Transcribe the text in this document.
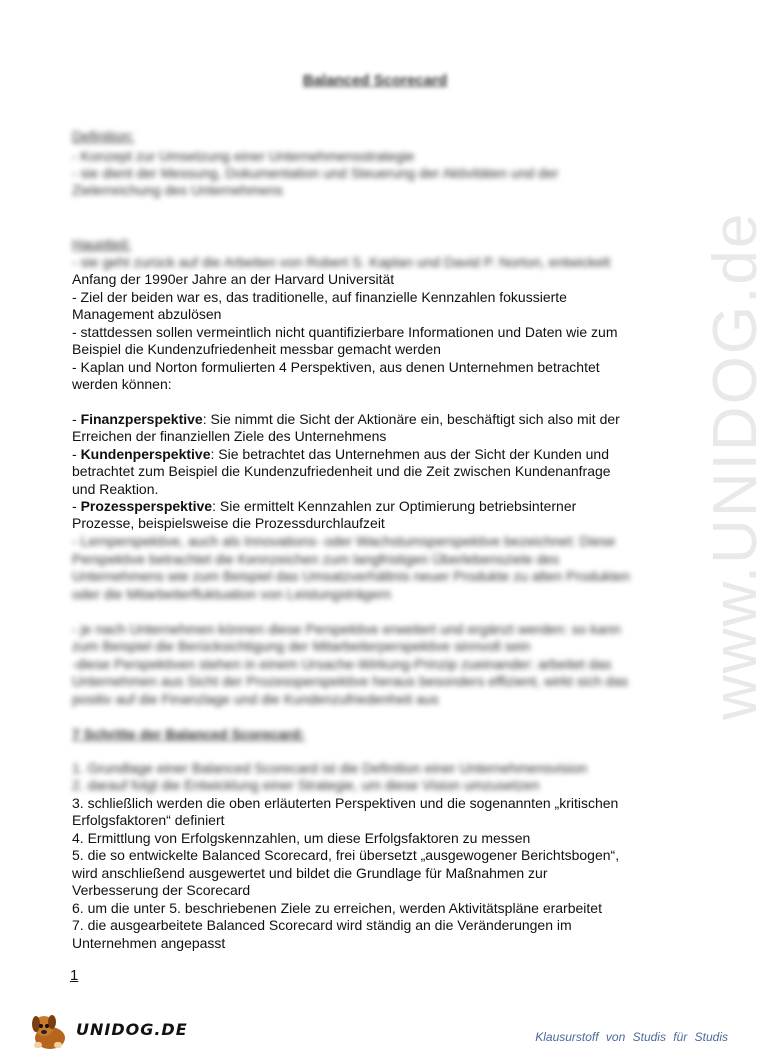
www.UNIDOG.de
Balanced Scorecard
Definition:
- Konzept zur Umsetzung einer Unternehmensstrategie
- sie dient der Messung, Dokumentation und Steuerung der Aktivitäten und der
Zielerreichung des Unternehmens
Hauptteil:
- sie geht zurück auf die Arbeiten von Robert S. Kaplan und David P. Norton, entwickelt
Anfang der 1990er Jahre an der Harvard Universität
- Ziel der beiden war es, das traditionelle, auf finanzielle Kennzahlen fokussierte
Management abzulösen
- stattdessen sollen vermeintlich nicht quantifizierbare Informationen und Daten wie zum
Beispiel die Kundenzufriedenheit messbar gemacht werden
- Kaplan und Norton formulierten 4 Perspektiven, aus denen Unternehmen betrachtet
werden können:
- Finanzperspektive: Sie nimmt die Sicht der Aktionäre ein, beschäftigt sich also mit der
Erreichen der finanziellen Ziele des Unternehmens
- Kundenperspektive: Sie betrachtet das Unternehmen aus der Sicht der Kunden und
betrachtet zum Beispiel die Kundenzufriedenheit und die Zeit zwischen Kundenanfrage
und Reaktion.
- Prozessperspektive: Sie ermittelt Kennzahlen zur Optimierung betriebsinterner
Prozesse, beispielsweise die Prozessdurchlaufzeit
- Lernperspektive, auch als Innovations- oder Wachstumsperspektive bezeichnet: Diese
Perspektive betrachtet die Kennzeichen zum langfristigen Überlebensziele des
Unternehmens wie zum Beispiel das Umsatzverhältnis neuer Produkte zu alten Produkten
oder die Mitarbeiterfluktuation von Leistungsträgern
- je nach Unternehmen können diese Perspektive erweitert und ergänzt werden: so kann
zum Beispiel die Berücksichtigung der Mitarbeiterperspektive sinnvoll sein
-diese Perspektiven stehen in einem Ursache-Wirkung-Prinzip zueinander: arbeitet das
Unternehmen aus Sicht der Prozessperspektive heraus besonders effizient, wirkt sich das
positiv auf die Finanzlage und die Kundenzufriedenheit aus
7 Schritte der Balanced Scorecard:
1. Grundlage einer Balanced Scorecard ist die Definition einer Unternehmensvision
2. darauf folgt die Entwicklung einer Strategie, um diese Vision umzusetzen
3. schließlich werden die oben erläuterten Perspektiven und die sogenannten „kritischen
Erfolgsfaktoren“ definiert
4. Ermittlung von Erfolgskennzahlen, um diese Erfolgsfaktoren zu messen
5. die so entwickelte Balanced Scorecard, frei übersetzt „ausgewogener Berichtsbogen“,
wird anschließend ausgewertet und bildet die Grundlage für Maßnahmen zur
Verbesserung der Scorecard
6. um die unter 5. beschriebenen Ziele zu erreichen, werden Aktivitätspläne erarbeitet
7. die ausgearbeitete Balanced Scorecard wird ständig an die Veränderungen im
Unternehmen angepasst
1
UNIDOG.DE	Klausurstoff von Studis für Studis
